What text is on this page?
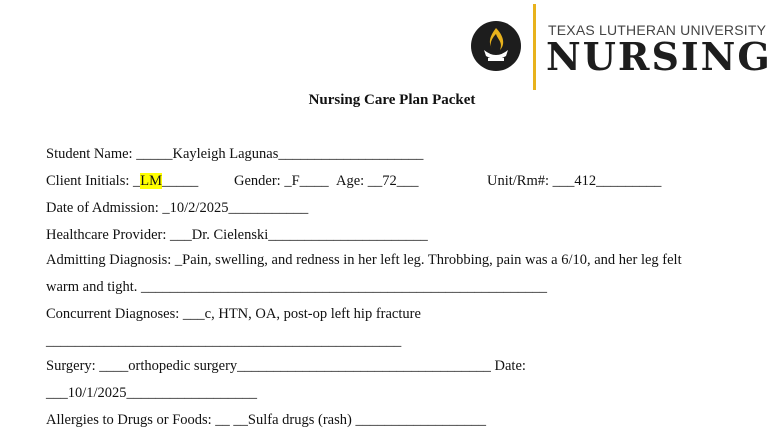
TEXAS LUTHERAN UNIVERSITY
NURSING
Nursing Care Plan Packet
Student Name: _____Kayleigh Lagunas____________________
Client Initials: _LM_____ Gender: _F____ Age: __72___	Unit/Rm#: ___412_________
Date of Admission: _10/2/2025___________
Healthcare Provider: ___Dr. Cielenski______________________
Admitting Diagnosis: _Pain, swelling, and redness in her left leg. Throbbing, pain was a 6/10, and her leg felt
warm and tight. ________________________________________________________
Concurrent Diagnoses: ___c, HTN, OA, post-op left hip fracture
_________________________________________________
Surgery: ____orthopedic surgery___________________________________ Date:
___10/1/2025__________________
Allergies to Drugs or Foods: __ __Sulfa drugs (rash) __________________
